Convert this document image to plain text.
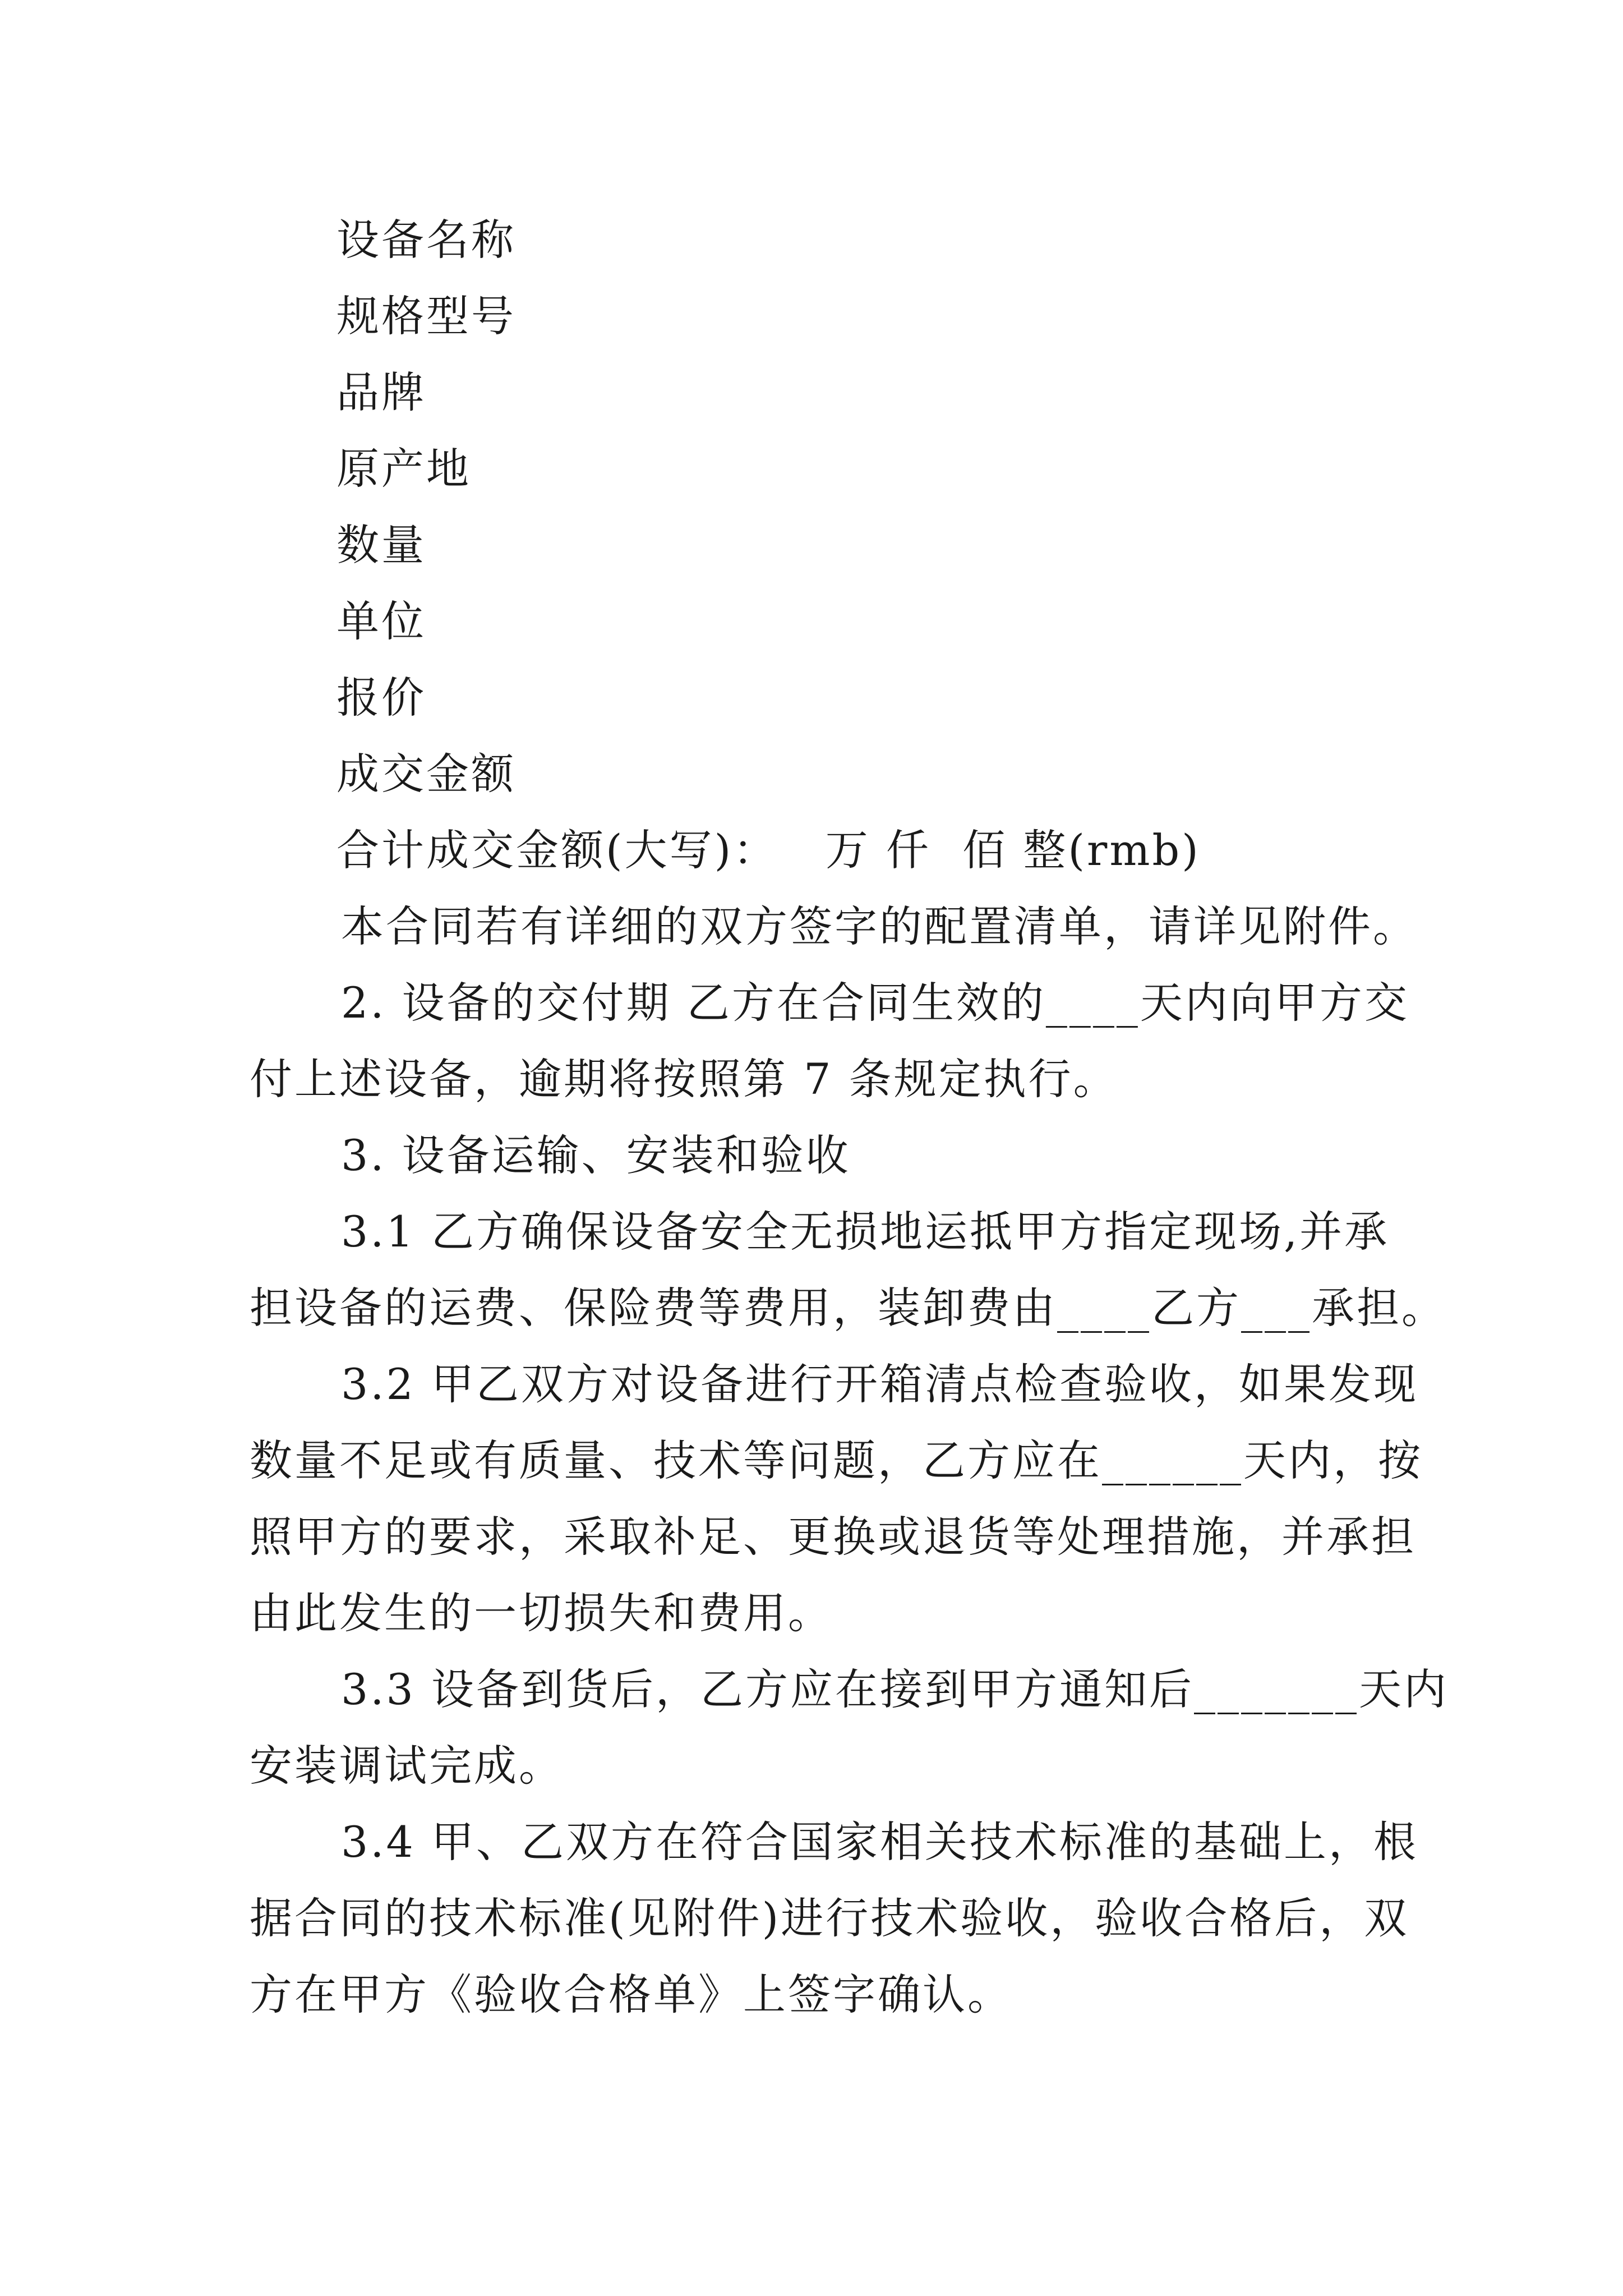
设备名称
规格型号
品牌
原产地
数量
单位
报价
成交金额
合计成交金额(大写)：   万 仟  佰 整(rmb)
本合同若有详细的双方签字的配置清单，请详见附件。
2. 设备的交付期 乙方在合同生效的____天内向甲方交
付上述设备，逾期将按照第 7 条规定执行。
3. 设备运输、安装和验收
3.1 乙方确保设备安全无损地运抵甲方指定现场,并承
担设备的运费、保险费等费用，装卸费由____乙方___承担。
3.2 甲乙双方对设备进行开箱清点检查验收，如果发现
数量不足或有质量、技术等问题，乙方应在______天内，按
照甲方的要求，采取补足、更换或退货等处理措施，并承担
由此发生的一切损失和费用。
3.3 设备到货后，乙方应在接到甲方通知后_______天内
安装调试完成。
3.4 甲、乙双方在符合国家相关技术标准的基础上，根
据合同的技术标准(见附件)进行技术验收，验收合格后，双
方在甲方《验收合格单》上签字确认。
